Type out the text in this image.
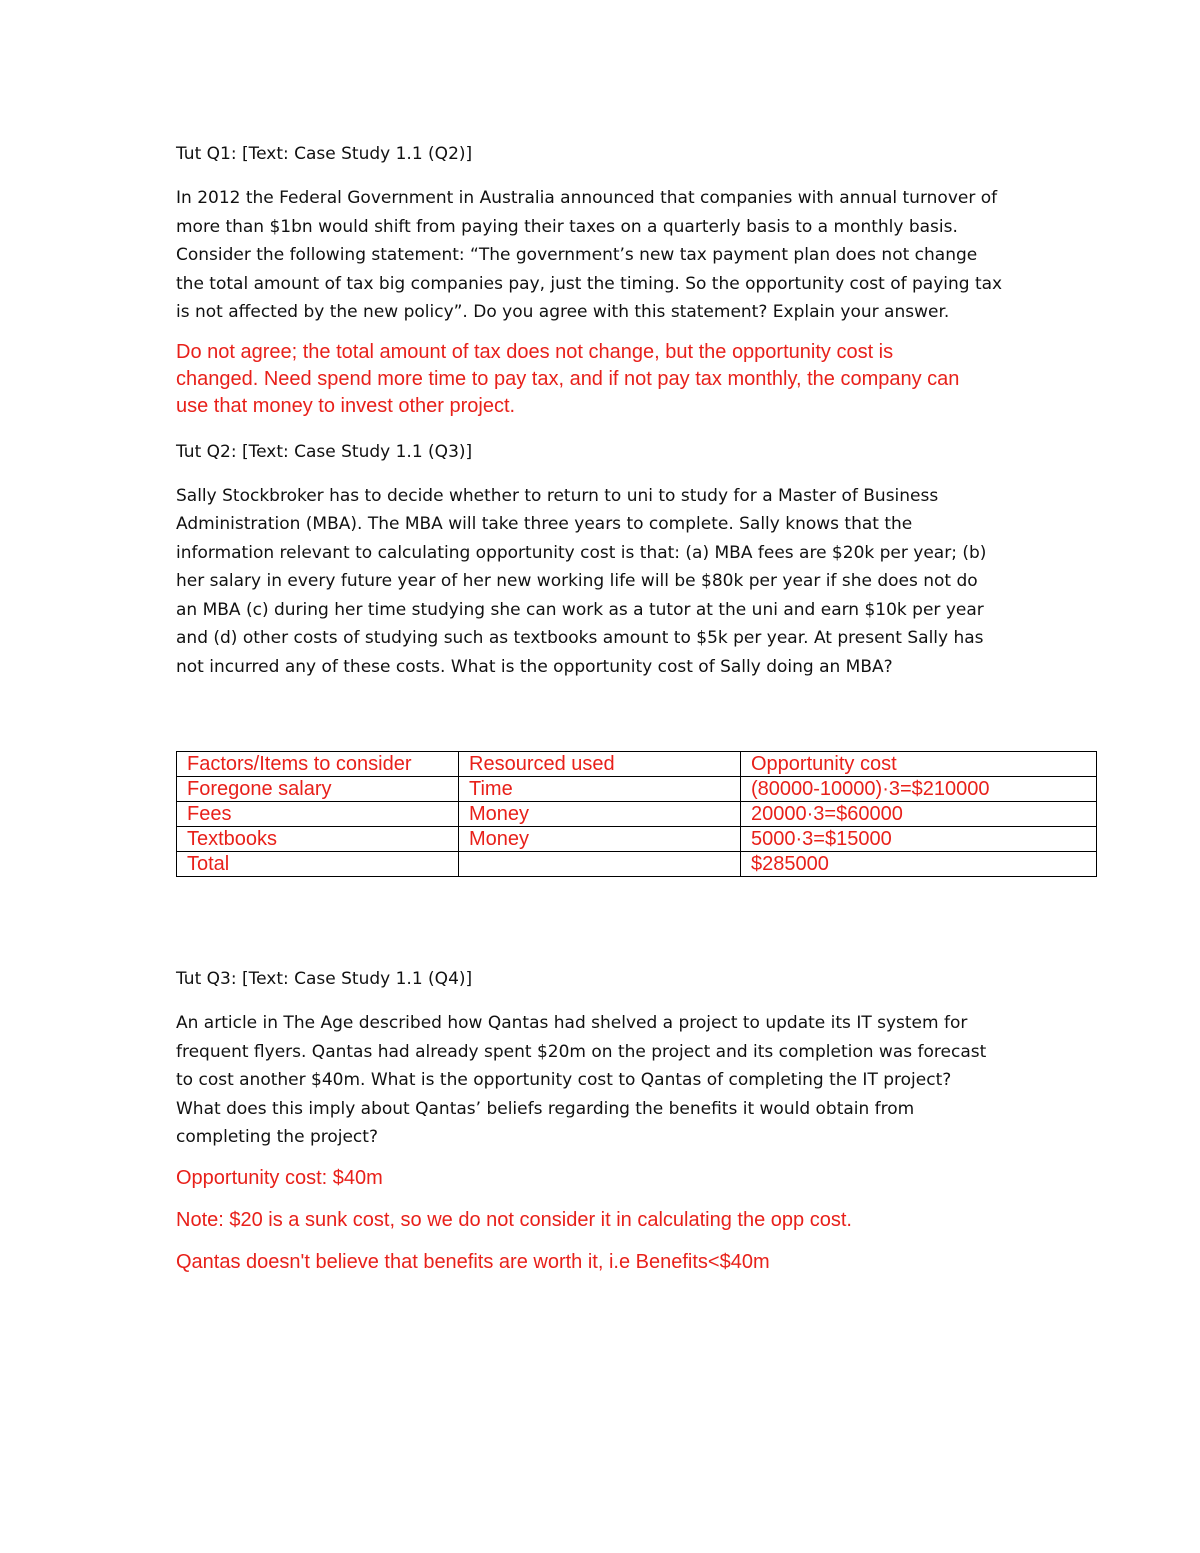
Tut Q1: [Text: Case Study 1.1 (Q2)]
In 2012 the Federal Government in Australia announced that companies with annual turnover of
more than $1bn would shift from paying their taxes on a quarterly basis to a monthly basis.
Consider the following statement: “The government’s new tax payment plan does not change
the total amount of tax big companies pay, just the timing. So the opportunity cost of paying tax
is not affected by the new policy”. Do you agree with this statement? Explain your answer.
Do not agree; the total amount of tax does not change, but the opportunity cost is
changed. Need spend more time to pay tax, and if not pay tax monthly, the company can
use that money to invest other project.
Tut Q2: [Text: Case Study 1.1 (Q3)]
Sally Stockbroker has to decide whether to return to uni to study for a Master of Business
Administration (MBA). The MBA will take three years to complete. Sally knows that the
information relevant to calculating opportunity cost is that: (a) MBA fees are $20k per year; (b)
her salary in every future year of her new working life will be $80k per year if she does not do
an MBA (c) during her time studying she can work as a tutor at the uni and earn $10k per year
and (d) other costs of studying such as textbooks amount to $5k per year. At present Sally has
not incurred any of these costs. What is the opportunity cost of Sally doing an MBA?
Factors/Items to consider	Resourced used	Opportunity cost
Foregone salary	Time	(80000-10000)·3=$210000
Fees	Money	20000·3=$60000
Textbooks	Money	5000·3=$15000
Total		$285000
Tut Q3: [Text: Case Study 1.1 (Q4)]
An article in The Age described how Qantas had shelved a project to update its IT system for
frequent flyers. Qantas had already spent $20m on the project and its completion was forecast
to cost another $40m. What is the opportunity cost to Qantas of completing the IT project?
What does this imply about Qantas’ beliefs regarding the benefits it would obtain from
completing the project?
Opportunity cost: $40m
Note: $20 is a sunk cost, so we do not consider it in calculating the opp cost.
Qantas doesn't believe that benefits are worth it, i.e Benefits<$40m
